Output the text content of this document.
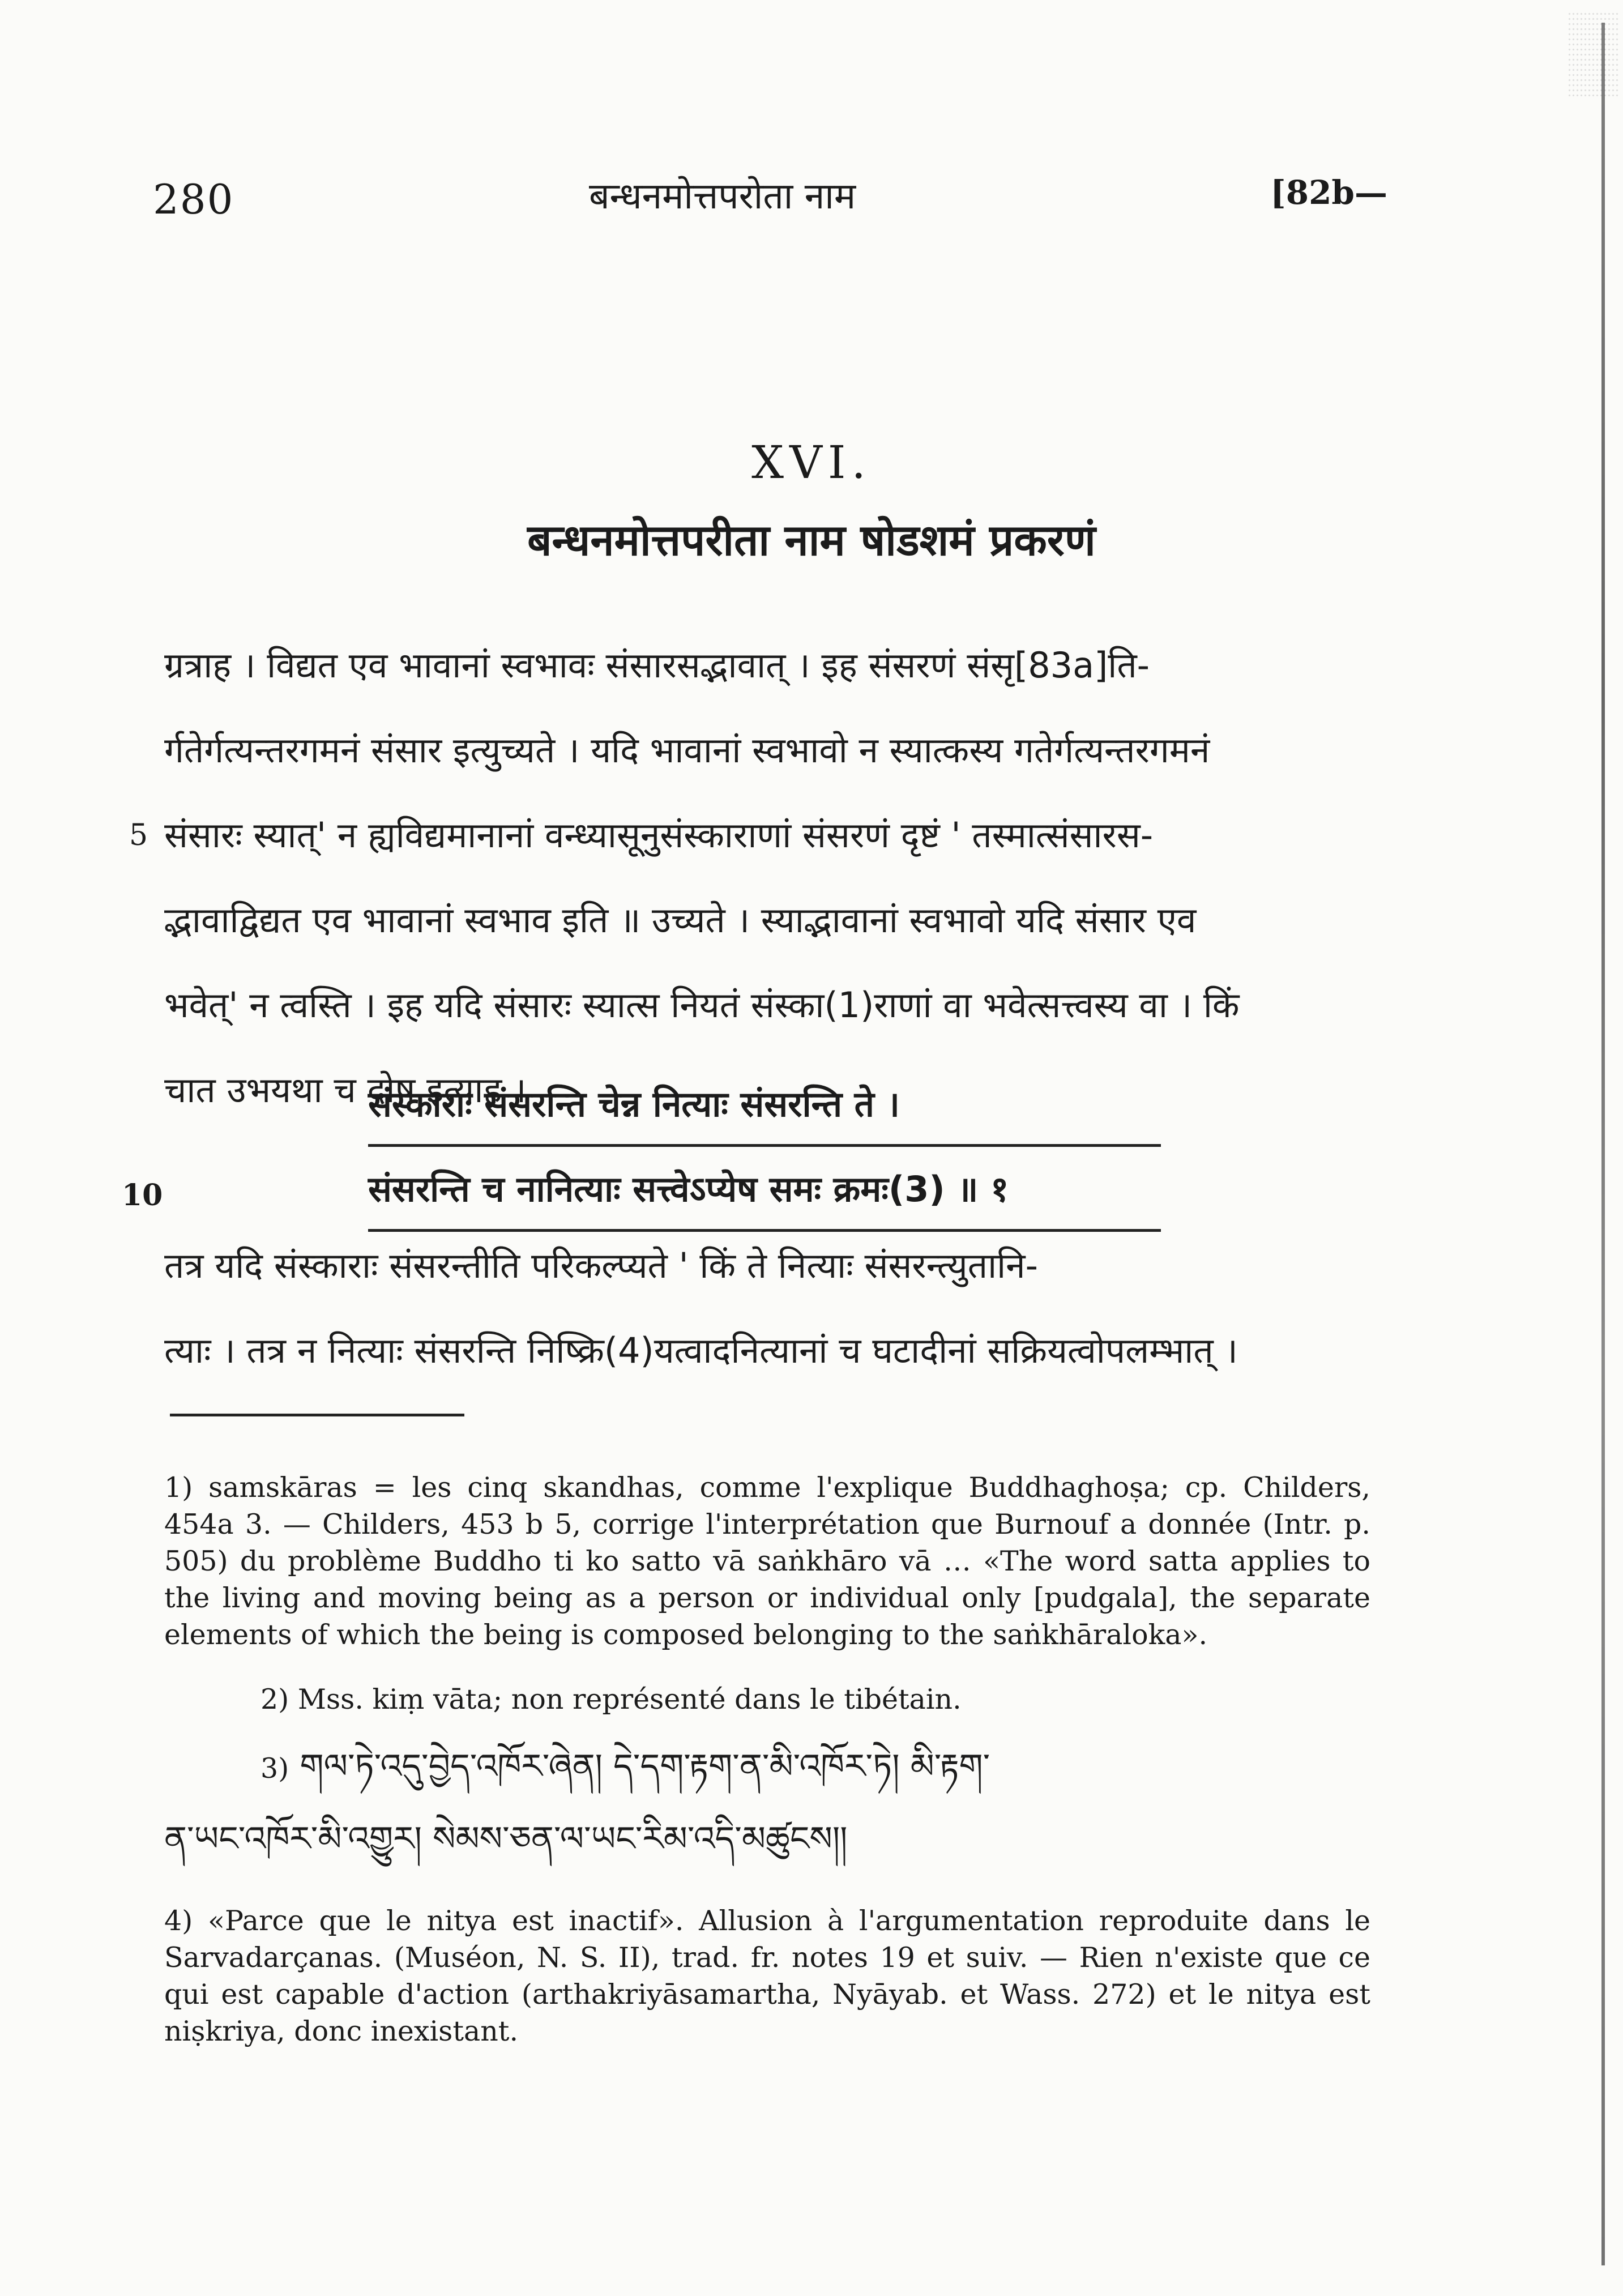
280	बन्धनमोत्तपरोता नाम	[82b—
XVI.
बन्धनमोत्तपरीता नाम षोडशमं प्रकरणं
ग्रत्राह । विद्यत एव भावानां स्वभावः संसारसद्भावात् । इह संसरणं संसृ[83a]ति-
र्गतेर्गत्यन्तरगमनं संसार इत्युच्यते । यदि भावानां स्वभावो न स्यात्कस्य गतेर्गत्यन्तरगमनं
5 संसारः स्यात्' न ह्यविद्यमानानां वन्ध्यासूनुसंस्काराणां संसरणं दृष्टं ' तस्मात्संसारस-
द्भावाद्विद्यत एव भावानां स्वभाव इति ॥ उच्यते । स्याद्भावानां स्वभावो यदि संसार एव
भवेत्' न त्वस्ति । इह यदि संसारः स्यात्स नियतं संस्का(1)राणां वा भवेत्सत्त्वस्य वा । किं
चात उभयथा च दोष इत्याह ।
10
संस्काराः संसरन्ति चेन्न नित्याः संसरन्ति ते ।
संसरन्ति च नानित्याः सत्त्वेऽप्येष समः क्रमः(3) ॥ १
तत्र यदि संस्काराः संसरन्तीति परिकल्प्यते ' किं ते नित्याः संसरन्त्युतानि-
त्याः । तत्र न नित्याः संसरन्ति निष्क्रि(4)यत्वादनित्यानां च घटादीनां सक्रियत्वोपलम्भात् ।

1) samskāras = les cinq skandhas, comme l'explique Buddhaghoṣa; cp. Childers, 454a 3. — Childers, 453 b 5, corrige l'interprétation que Burnouf a donnée (Intr. p. 505) du problème Buddho ti ko satto vā saṅkhāro vā … «The word satta applies to the living and moving being as a person or individual only [pudgala], the separate elements of which the being is composed belonging to the saṅkhāraloka».

2) Mss. kiṃ vāta; non représenté dans le tibétain.

3) གལ་ཏེ་འདུ་བྱེད་འཁོར་ཞེན། དེ་དག་རྟག་ན་མི་འཁོར་ཏེ། མི་རྟག་
ན་ཡང་འཁོར་མི་འགྱུར། སེམས་ཅན་ལ་ཡང་རིམ་འདི་མཚུངས།།

4) «Parce que le nitya est inactif». Allusion à l'argumentation reproduite dans le Sarvadarçanas. (Muséon, N. S. II), trad. fr. notes 19 et suiv. — Rien n'existe que ce qui est capable d'action (arthakriyāsamartha, Nyāyab. et Wass. 272) et le nitya est niṣkriya, donc inexistant.
